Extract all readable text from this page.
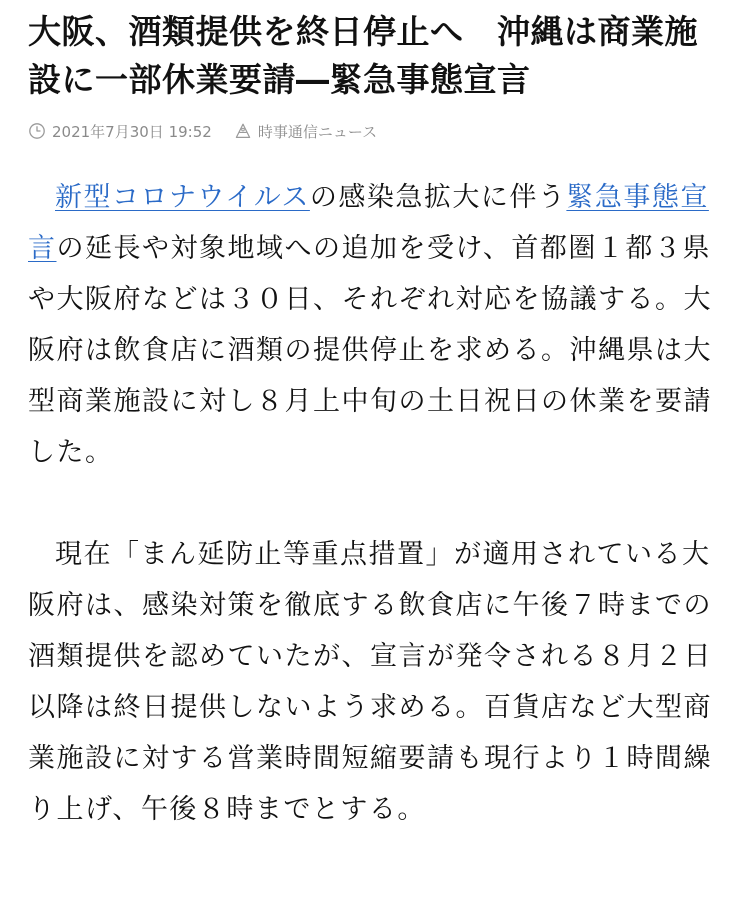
大阪、酒類提供を終日停止へ　沖縄は商業施設に一部休業要請―緊急事態宣言
2021年7月30日 19:52	時事通信ニュース

新型コロナウイルスの感染急拡大に伴う緊急事態宣言の延長や対象地域への追加を受け、首都圏１都３県や大阪府などは３０日、それぞれ対応を協議する。大阪府は飲食店に酒類の提供停止を求める。沖縄県は大型商業施設に対し８月上中旬の土日祝日の休業を要請した。

現在「まん延防止等重点措置」が適用されている大阪府は、感染対策を徹底する飲食店に午後７時までの酒類提供を認めていたが、宣言が発令される８月２日以降は終日提供しないよう求める。百貨店など大型商業施設に対する営業時間短縮要請も現行より１時間繰り上げ、午後８時までとする。
